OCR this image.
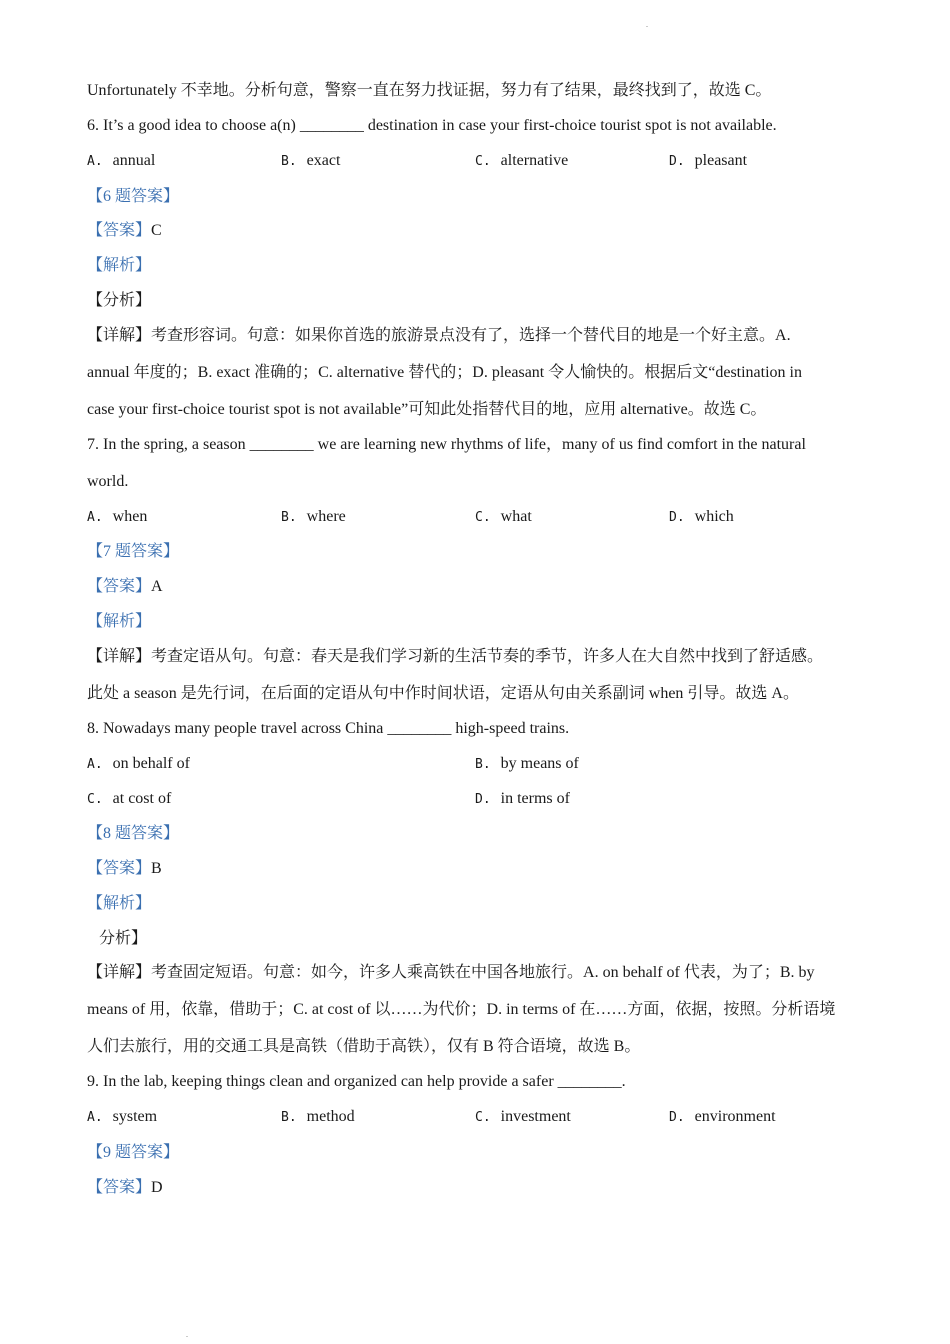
.
.
Unfortunately 不幸地。分析句意，警察一直在努力找证据，努力有了结果，最终找到了，故选 C。
6. It’s a good idea to choose a(n) ________ destination in case your first-choice tourist spot is not available.
A. annual	B. exact	C. alternative	D. pleasant
【6 题答案】
【答案】C
【解析】
【分析】
【详解】考查形容词。句意：如果你首选的旅游景点没有了，选择一个替代目的地是一个好主意。A.
annual 年度的；B. exact 准确的；C. alternative 替代的；D. pleasant 令人愉快的。根据后文“destination in
case your first-choice tourist spot is not available”可知此处指替代目的地，应用 alternative。故选 C。
7. In the spring, a season ________ we are learning new rhythms of life，many of us find comfort in the natural
world.
A. when	B. where	C. what	D. which
【7 题答案】
【答案】A
【解析】
【详解】考查定语从句。句意：春天是我们学习新的生活节奏的季节，许多人在大自然中找到了舒适感。
此处 a season 是先行词，在后面的定语从句中作时间状语，定语从句由关系副词 when 引导。故选 A。
8. Nowadays many people travel across China ________ high-speed trains.
A. on behalf of	B. by means of
C. at cost of	D. in terms of
【8 题答案】
【答案】B
【解析】
分析】
【详解】考查固定短语。句意：如今，许多人乘高铁在中国各地旅行。A. on behalf of 代表，为了；B. by
means of 用，依靠，借助于；C. at cost of 以……为代价；D. in terms of 在……方面，依据，按照。分析语境
人们去旅行，用的交通工具是高铁（借助于高铁），仅有 B 符合语境，故选 B。
9. In the lab, keeping things clean and organized can help provide a safer ________.
A. system	B. method	C. investment	D. environment
【9 题答案】
【答案】D
